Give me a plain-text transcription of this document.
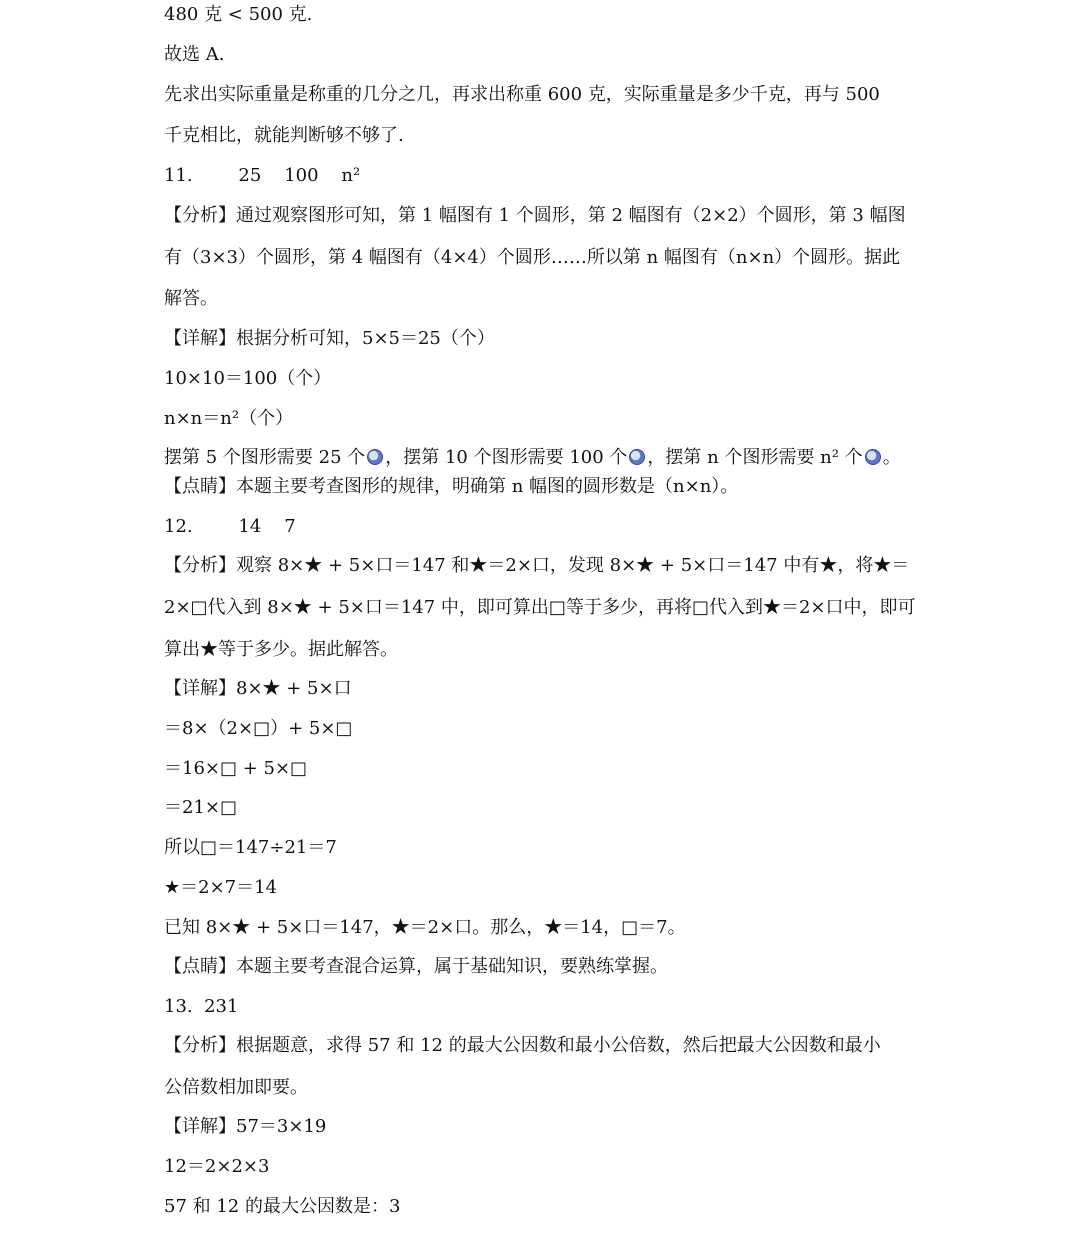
480 克 < 500 克.
故选 A.
先求出实际重量是称重的几分之几，再求出称重 600 克，实际重量是多少千克，再与 500
千克相比，就能判断够不够了.
11.        25    100    n²
【分析】通过观察图形可知，第 1 幅图有 1 个圆形，第 2 幅图有（2×2）个圆形，第 3 幅图
有（3×3）个圆形，第 4 幅图有（4×4）个圆形……所以第 n 幅图有（n×n）个圆形。据此
解答。
【详解】根据分析可知，5×5＝25（个）
10×10＝100（个）
n×n＝n²（个）
摆第 5 个图形需要 25 个 ，摆第 10 个图形需要 100 个 ，摆第 n 个图形需要 n² 个 。
【点睛】本题主要考查图形的规律，明确第 n 幅图的圆形数是（n×n）。
12.        14    7
【分析】观察 8×★ + 5×口＝147 和★＝2×口，发现 8×★ + 5×口＝147 中有★，将★＝
2×□代入到 8×★ + 5×口＝147 中，即可算出□等于多少，再将□代入到★＝2×口中，即可
算出★等于多少。据此解答。
【详解】8×★ + 5×口
＝8×（2×□）+ 5×□
＝16×□ + 5×□
＝21×□
所以□＝147÷21＝7
★＝2×7＝14
已知 8×★ + 5×口＝147，★＝2×口。那么，★＝14，□＝7。
【点睛】本题主要考查混合运算，属于基础知识，要熟练掌握。
13.  231
【分析】根据题意，求得 57 和 12 的最大公因数和最小公倍数，然后把最大公因数和最小
公倍数相加即要。
【详解】57＝3×19
12＝2×2×3
57 和 12 的最大公因数是：3
